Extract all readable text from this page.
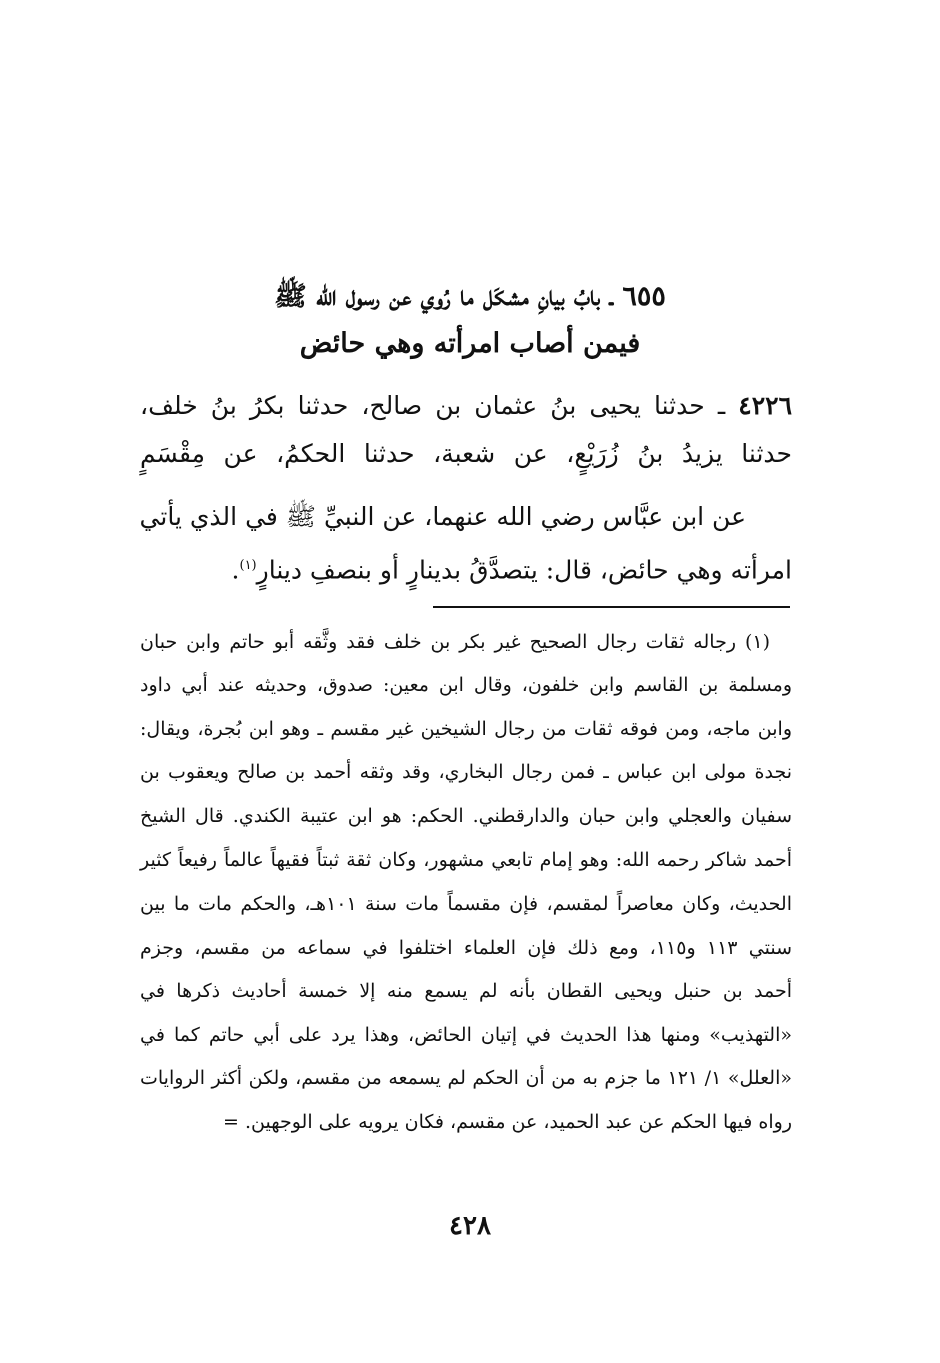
٦٥٥ ـ بابُ بيانِ مشكَل ما رُوي عن رسول الله ﷺ
فيمن أصاب امرأته وهي حائض
٤٢٢٦ ـ حدثنا يحيى بنُ عثمان بن صالح، حدثنا بكرُ بنُ خلف،
حدثنا يزيدُ بنُ زُرَيْعٍ، عن شعبة، حدثنا الحكمُ، عن مِقْسَمٍ
عن ابن عبَّاس رضي الله عنهما، عن النبيِّ ﷺ في الذي يأتي
امرأته وهي حائض، قال: يتصدَّقُ بدينارٍ أو بنصفِ دينارٍ$^{(١)}$.
(١) رجاله ثقات رجال الصحيح غير بكر بن خلف فقد وثَّقه أبو حاتم وابن حبان
ومسلمة بن القاسم وابن خلفون، وقال ابن معين: صدوق، وحديثه عند أبي داود
وابن ماجه، ومن فوقه ثقات من رجال الشيخين غير مقسم ـ وهو ابن بُجرة، ويقال:
نجدة مولى ابن عباس ـ فمن رجال البخاري، وقد وثقه أحمد بن صالح ويعقوب بن
سفيان والعجلي وابن حبان والدارقطني. الحكم: هو ابن عتيبة الكندي. قال الشيخ
أحمد شاكر رحمه الله: وهو إمام تابعي مشهور، وكان ثقة ثبتاً فقيهاً عالماً رفيعاً كثير
الحديث، وكان معاصراً لمقسم، فإن مقسماً مات سنة ١٠١هـ، والحكم مات ما بين
سنتي ١١٣ و١١٥، ومع ذلك فإن العلماء اختلفوا في سماعه من مقسم، وجزم
أحمد بن حنبل ويحيى القطان بأنه لم يسمع منه إلا خمسة أحاديث ذكرها في
«التهذيب» ومنها هذا الحديث في إتيان الحائض، وهذا يرد على أبي حاتم كما في
«العلل» ١/ ١٢١ ما جزم به من أن الحكم لم يسمعه من مقسم، ولكن أكثر الروايات
رواه فيها الحكم عن عبد الحميد، عن مقسم، فكان يرويه على الوجهين. =
٤٢٨
